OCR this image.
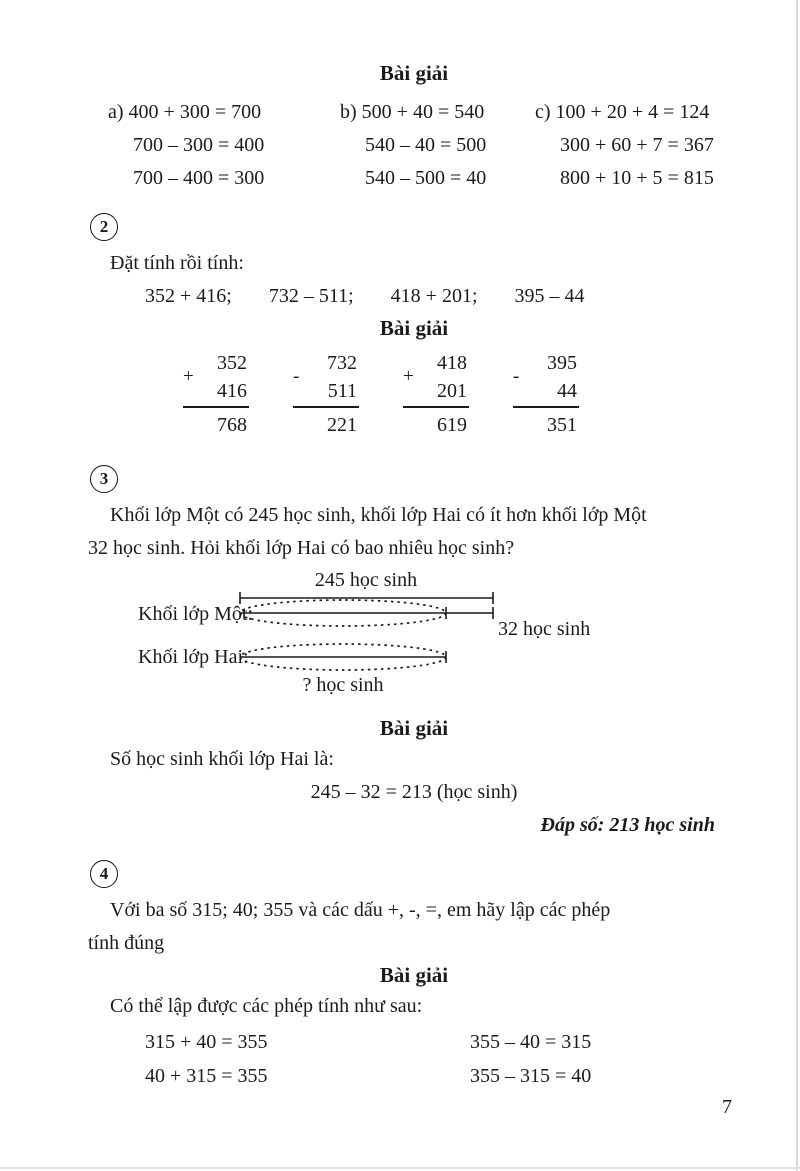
Bài giải
a) 400 + 300 = 700
700 – 300 = 400
700 – 400 = 300
b) 500 + 40 = 540
540 – 40 = 500
540 – 500 = 40
c) 100 + 20 + 4 = 124
300 + 60 + 7 = 367
800 + 10 + 5 = 815
2
Đặt tính rồi tính:
352 + 416; 732 – 511; 418 + 201; 395 – 44
Bài giải
+
352
416
768
-
732
511
221
+
418
201
619
-
395
44
351
3
Khối lớp Một có 245 học sinh, khối lớp Hai có ít hơn khối lớp Một
32 học sinh. Hỏi khối lớp Hai có bao nhiêu học sinh?
245 học sinh
Khối lớp Một:
32 học sinh
Khối lớp Hai:
? học sinh
Bài giải
Số học sinh khối lớp Hai là:
245 – 32 = 213 (học sinh)
Đáp số: 213 học sinh
4
Với ba số 315; 40; 355 và các dấu +, -, =, em hãy lập các phép
tính đúng
Bài giải
Có thể lập được các phép tính như sau:
315 + 40 = 355	355 – 40 = 315
40 + 315 = 355	355 – 315 = 40
7
